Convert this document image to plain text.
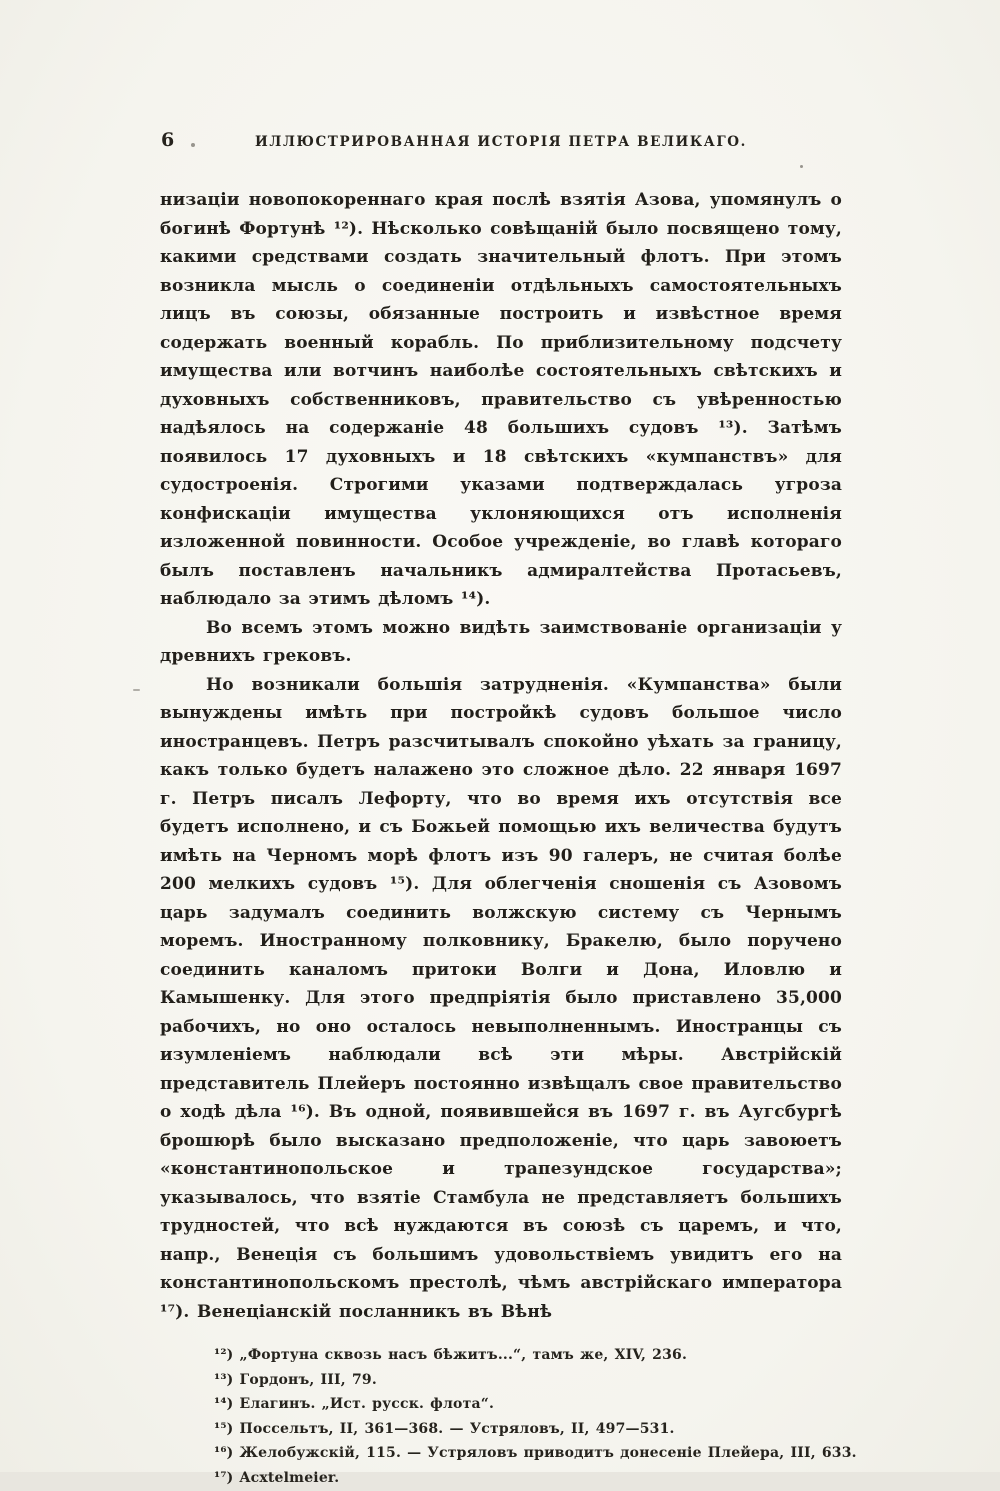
6	ИЛЛЮСТРИРОВАННАЯ ИСТОРІЯ ПЕТРА ВЕЛИКАГО.

низаціи новопокореннаго края послѣ взятія Азова, упомянулъ о богинѣ Фортунѣ ¹²). Нѣсколько совѣщаній было посвящено тому, какими средствами создать значительный флотъ. При этомъ возникла мысль о соединеніи отдѣльныхъ самостоятельныхъ лицъ въ союзы, обязанные построить и извѣстное время содержать военный корабль. По приблизительному подсчету имущества или вотчинъ наиболѣе состоятельныхъ свѣтскихъ и духовныхъ собственниковъ, правительство съ увѣренностью надѣялось на содержаніе 48 большихъ судовъ ¹³). Затѣмъ появилось 17 духовныхъ и 18 свѣтскихъ «кумпанствъ» для судостроенія. Строгими указами подтверждалась угроза конфискаціи имущества уклоняющихся отъ исполненія изложенной повинности. Особое учрежденіе, во главѣ котораго былъ поставленъ начальникъ адмиралтейства Протасьевъ, наблюдало за этимъ дѣломъ ¹⁴).

Во всемъ этомъ можно видѣть заимствованіе организаціи у древнихъ грековъ.

Но возникали большія затрудненія. «Кумпанства» были вынуждены имѣть при постройкѣ судовъ большое число иностранцевъ. Петръ разсчитывалъ спокойно уѣхать за границу, какъ только будетъ налажено это сложное дѣло. 22 января 1697 г. Петръ писалъ Лефорту, что во время ихъ отсутствія все будетъ исполнено, и съ Божьей помощью ихъ величества будутъ имѣть на Черномъ морѣ флотъ изъ 90 галеръ, не считая болѣе 200 мелкихъ судовъ ¹⁵). Для облегченія сношенія съ Азовомъ царь задумалъ соединить волжскую систему съ Чернымъ моремъ. Иностранному полковнику, Бракелю, было поручено соединить каналомъ притоки Волги и Дона, Иловлю и Камышенку. Для этого предпріятія было приставлено 35,000 рабочихъ, но оно осталось невыполненнымъ. Иностранцы съ изумленіемъ наблюдали всѣ эти мѣры. Австрійскій представитель Плейеръ постоянно извѣщалъ свое правительство о ходѣ дѣла ¹⁶). Въ одной, появившейся въ 1697 г. въ Аугсбургѣ брошюрѣ было высказано предположеніе, что царь завоюетъ «константинопольское и трапезундское государства»; указывалось, что взятіе Стамбула не представляетъ большихъ трудностей, что всѣ нуждаются въ союзѣ съ царемъ, и что, напр., Венеція съ большимъ удовольствіемъ увидитъ его на константинопольскомъ престолѣ, чѣмъ австрійскаго императора ¹⁷). Венеціанскій посланникъ въ Вѣнѣ

¹²) „Фортуна сквозь насъ бѣжитъ...“, тамъ же, XIV, 236.

¹³) Гордонъ, III, 79.

¹⁴) Елагинъ. „Ист. русск. флота“.

¹⁵) Поссельтъ, II, 361—368. — Устряловъ, II, 497—531.

¹⁶) Желобужскій, 115. — Устряловъ приводитъ донесеніе Плейера, III, 633.

¹⁷) Acxtelmeier.
